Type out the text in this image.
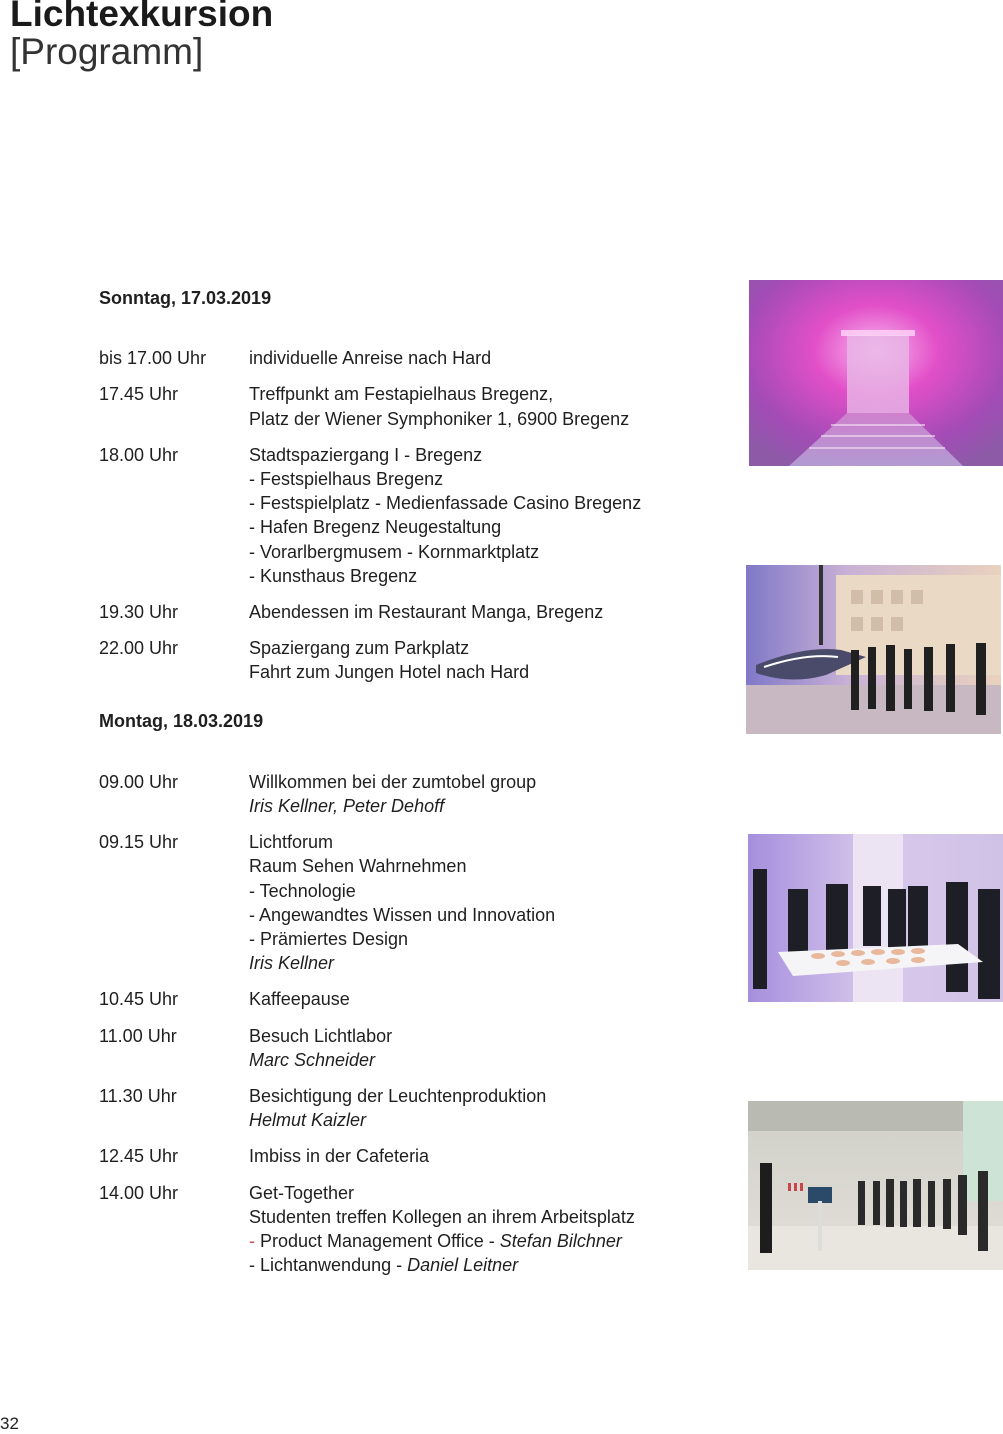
Lichtexkursion
[Programm]

Sonntag, 17.03.2019

bis 17.00 Uhr	individuelle Anreise nach Hard
17.45 Uhr	Treffpunkt am Festapielhaus Bregenz,
Platz der Wiener Symphoniker 1, 6900 Bregenz
18.00 Uhr	Stadtspaziergang I - Bregenz
- Festspielhaus Bregenz
- Festspielplatz - Medienfassade Casino Bregenz
- Hafen Bregenz Neugestaltung
- Vorarlbergmusem - Kornmarktplatz
- Kunsthaus Bregenz
19.30 Uhr	Abendessen im Restaurant Manga, Bregenz
22.00 Uhr	Spaziergang zum Parkplatz
Fahrt zum Jungen Hotel nach Hard

Montag, 18.03.2019

09.00 Uhr	Willkommen bei der zumtobel group
Iris Kellner, Peter Dehoff
09.15 Uhr	Lichtforum
Raum Sehen Wahrnehmen
- Technologie
- Angewandtes Wissen und Innovation
- Prämiertes Design
Iris Kellner
10.45 Uhr	Kaffeepause
11.00 Uhr	Besuch Lichtlabor
Marc Schneider
11.30 Uhr	Besichtigung der Leuchtenproduktion
Helmut Kaizler
12.45 Uhr	Imbiss in der Cafeteria
14.00 Uhr	Get-Together
Studenten treffen Kollegen an ihrem Arbeitsplatz
- Product Management Office - Stefan Bilchner
- Lichtanwendung - Daniel Leitner
32
